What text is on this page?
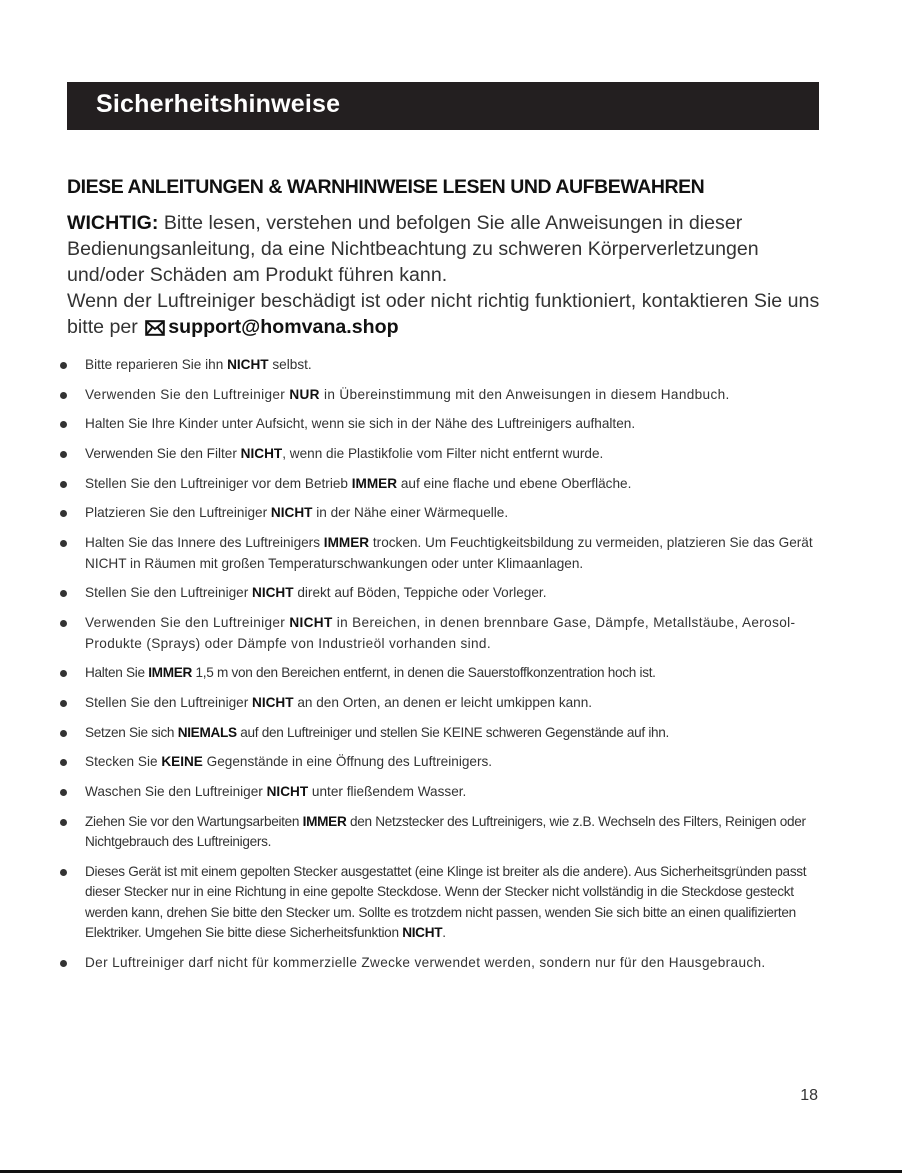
Sicherheitshinweise
DIESE ANLEITUNGEN & WARNHINWEISE LESEN UND AUFBEWAHREN
WICHTIG: Bitte lesen, verstehen und befolgen Sie alle Anweisungen in dieser Bedienungsanleitung, da eine Nichtbeachtung zu schweren Körperverletzungen und/oder Schäden am Produkt führen kann.
Wenn der Luftreiniger beschädigt ist oder nicht richtig funktioniert, kontaktieren Sie uns bitte per support@homvana.shop
Bitte reparieren Sie ihn NICHT selbst.
Verwenden Sie den Luftreiniger NUR in Übereinstimmung mit den Anweisungen in diesem Handbuch.
Halten Sie Ihre Kinder unter Aufsicht, wenn sie sich in der Nähe des Luftreinigers aufhalten.
Verwenden Sie den Filter NICHT, wenn die Plastikfolie vom Filter nicht entfernt wurde.
Stellen Sie den Luftreiniger vor dem Betrieb IMMER auf eine flache und ebene Oberfläche.
Platzieren Sie den Luftreiniger NICHT in der Nähe einer Wärmequelle.
Halten Sie das Innere des Luftreinigers IMMER trocken. Um Feuchtigkeitsbildung zu vermeiden, platzieren Sie das Gerät NICHT in Räumen mit großen Temperaturschwankungen oder unter Klimaanlagen.
Stellen Sie den Luftreiniger NICHT direkt auf Böden, Teppiche oder Vorleger.
Verwenden Sie den Luftreiniger NICHT in Bereichen, in denen brennbare Gase, Dämpfe, Metallstäube, Aerosol-Produkte (Sprays) oder Dämpfe von Industrieöl vorhanden sind.
Halten Sie IMMER 1,5 m von den Bereichen entfernt, in denen die Sauerstoffkonzentration hoch ist.
Stellen Sie den Luftreiniger NICHT an den Orten, an denen er leicht umkippen kann.
Setzen Sie sich NIEMALS auf den Luftreiniger und stellen Sie KEINE schweren Gegenstände auf ihn.
Stecken Sie KEINE Gegenstände in eine Öffnung des Luftreinigers.
Waschen Sie den Luftreiniger NICHT unter fließendem Wasser.
Ziehen Sie vor den Wartungsarbeiten IMMER den Netzstecker des Luftreinigers, wie z.B. Wechseln des Filters, Reinigen oder Nichtgebrauch des Luftreinigers.
Dieses Gerät ist mit einem gepolten Stecker ausgestattet (eine Klinge ist breiter als die andere). Aus Sicherheitsgründen passt dieser Stecker nur in eine Richtung in eine gepolte Steckdose. Wenn der Stecker nicht vollständig in die Steckdose gesteckt werden kann, drehen Sie bitte den Stecker um. Sollte es trotzdem nicht passen, wenden Sie sich bitte an einen qualifizierten Elektriker. Umgehen Sie bitte diese Sicherheitsfunktion NICHT.
Der Luftreiniger darf nicht für kommerzielle Zwecke verwendet werden, sondern nur für den Hausgebrauch.
18
